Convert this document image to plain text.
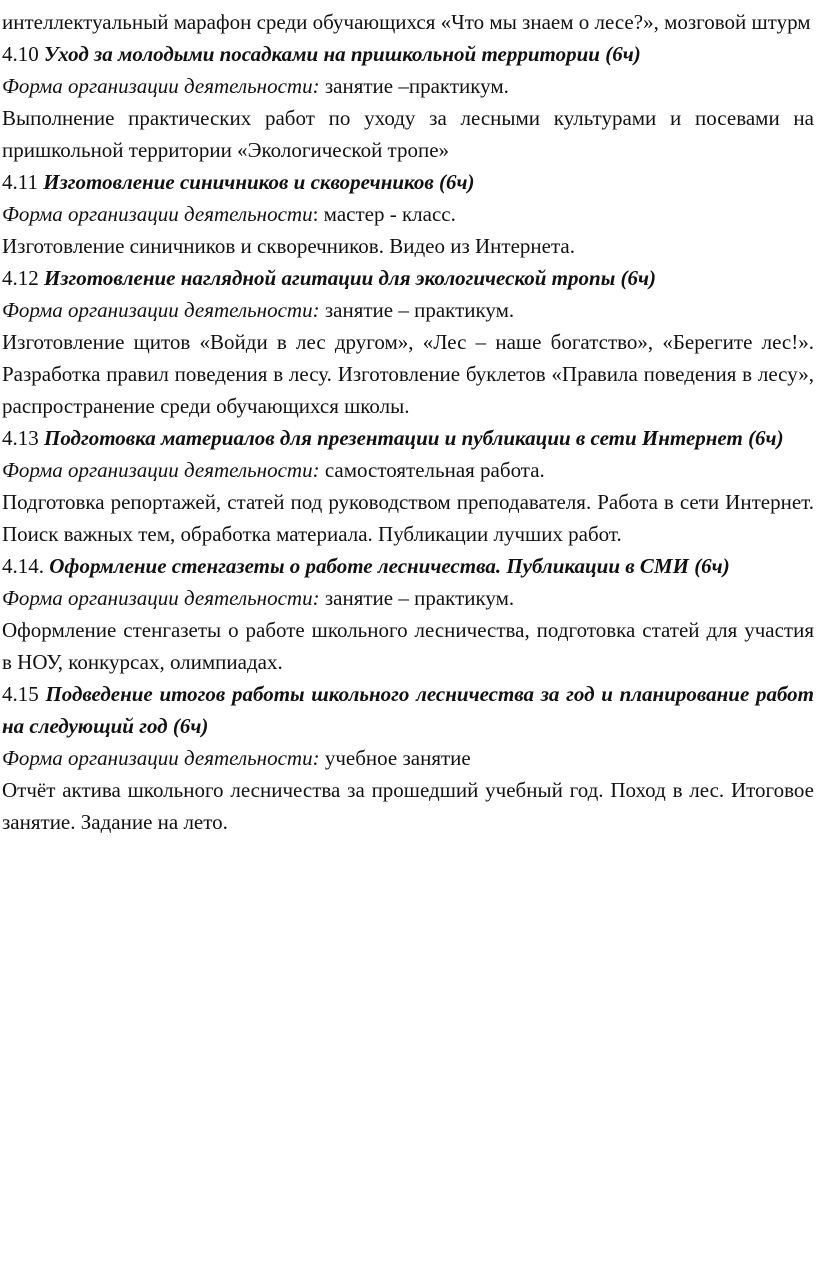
интеллектуальный марафон среди обучающихся «Что мы знаем о лесе?», мозговой штурм

4.10 Уход за молодыми посадками на пришкольной территории (6ч)

Форма организации деятельности: занятие –практикум.

Выполнение практических работ по уходу за лесными культурами и посевами на пришкольной территории «Экологической тропе»

4.11 Изготовление синичников и скворечников (6ч)

Форма организации деятельности: мастер - класс.

Изготовление синичников и скворечников. Видео из Интернета.

4.12 Изготовление наглядной агитации для экологической тропы (6ч)

Форма организации деятельности: занятие – практикум.

Изготовление щитов «Войди в лес другом», «Лес – наше богатство», «Берегите лес!». Разработка правил поведения в лесу. Изготовление буклетов «Правила поведения в лесу», распространение среди обучающихся школы.

4.13 Подготовка материалов для презентации и публикации в сети Интернет (6ч)

Форма организации деятельности: самостоятельная работа.

Подготовка репортажей, статей под руководством преподавателя. Работа в сети Интернет. Поиск важных тем, обработка материала. Публикации лучших работ.

4.14. Оформление стенгазеты о работе лесничества. Публикации в СМИ (6ч)

Форма организации деятельности: занятие – практикум.

Оформление стенгазеты о работе школьного лесничества, подготовка статей для участия в НОУ, конкурсах, олимпиадах.

4.15 Подведение итогов работы школьного лесничества за год и планирование работ на следующий год (6ч)

Форма организации деятельности: учебное занятие

Отчёт актива школьного лесничества за прошедший учебный год. Поход в лес. Итоговое занятие. Задание на лето.
